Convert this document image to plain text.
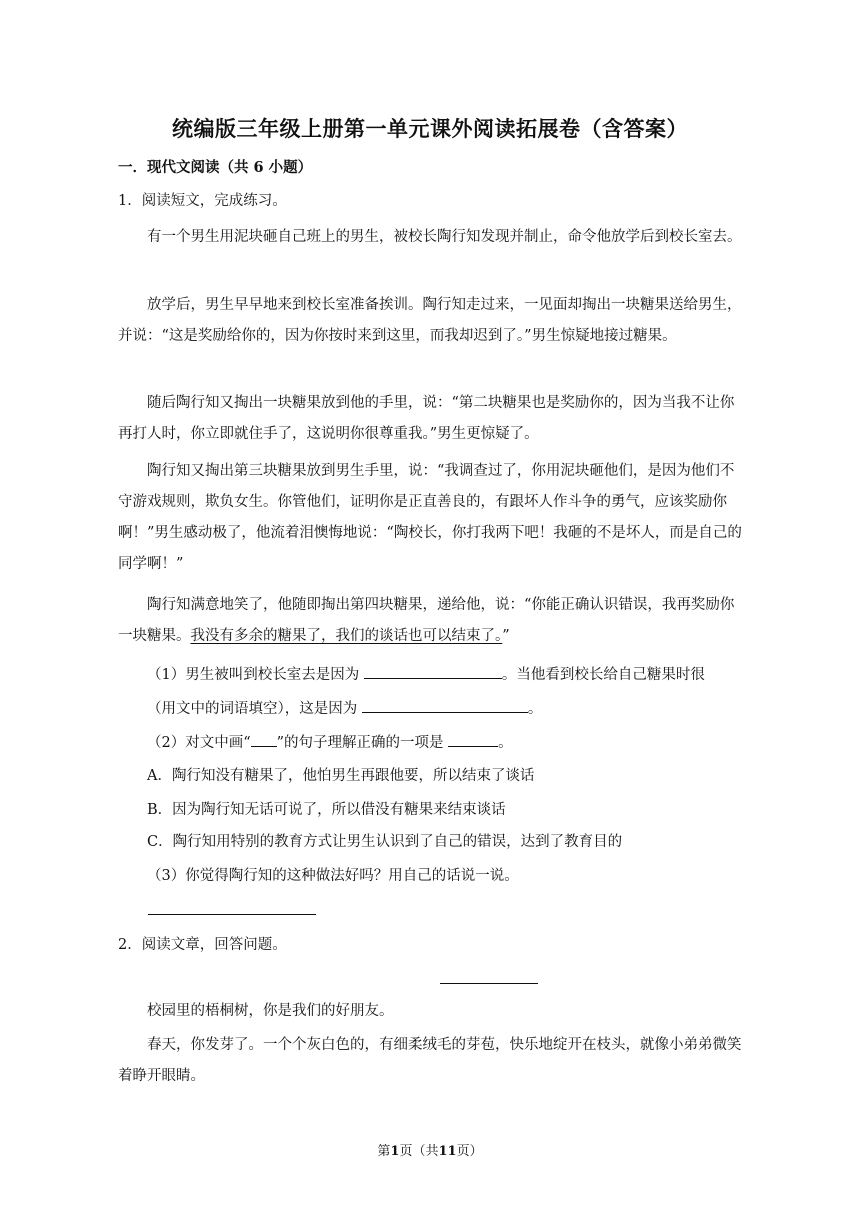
统编版三年级上册第一单元课外阅读拓展卷（含答案）
一．现代文阅读（共 6 小题）
1．阅读短文，完成练习。
有一个男生用泥块砸自己班上的男生，被校长陶行知发现并制止，命令他放学后到校长室去。
放学后，男生早早地来到校长室准备挨训。陶行知走过来，一见面却掏出一块糖果送给男生，并说：“这是奖励给你的，因为你按时来到这里，而我却迟到了。”男生惊疑地接过糖果。
随后陶行知又掏出一块糖果放到他的手里，说：“第二块糖果也是奖励你的，因为当我不让你再打人时，你立即就住手了，这说明你很尊重我。”男生更惊疑了。
陶行知又掏出第三块糖果放到男生手里，说：“我调查过了，你用泥块砸他们，是因为他们不守游戏规则，欺负女生。你管他们，证明你是正直善良的，有跟坏人作斗争的勇气，应该奖励你啊！”男生感动极了，他流着泪懊悔地说：“陶校长，你打我两下吧！我砸的不是坏人，而是自己的同学啊！”
陶行知满意地笑了，他随即掏出第四块糖果，递给他，说：“你能正确认识错误，我再奖励你一块糖果。我没有多余的糖果了，我们的谈话也可以结束了。”
（1）男生被叫到校长室去是因为	。当他看到校长给自己糖果时很
（用文中的词语填空），这是因为	。
（2）对文中画“ ”的句子理解正确的一项是	。
A．陶行知没有糖果了，他怕男生再跟他要，所以结束了谈话
B．因为陶行知无话可说了，所以借没有糖果来结束谈话
C．陶行知用特别的教育方式让男生认识到了自己的错误，达到了教育目的
（3）你觉得陶行知的这种做法好吗？用自己的话说一说。
2．阅读文章，回答问题。
校园里的梧桐树，你是我们的好朋友。
春天，你发芽了。一个个灰白色的，有细柔绒毛的芽苞，快乐地绽开在枝头，就像小弟弟微笑着睁开眼睛。
第1页（共11页）
